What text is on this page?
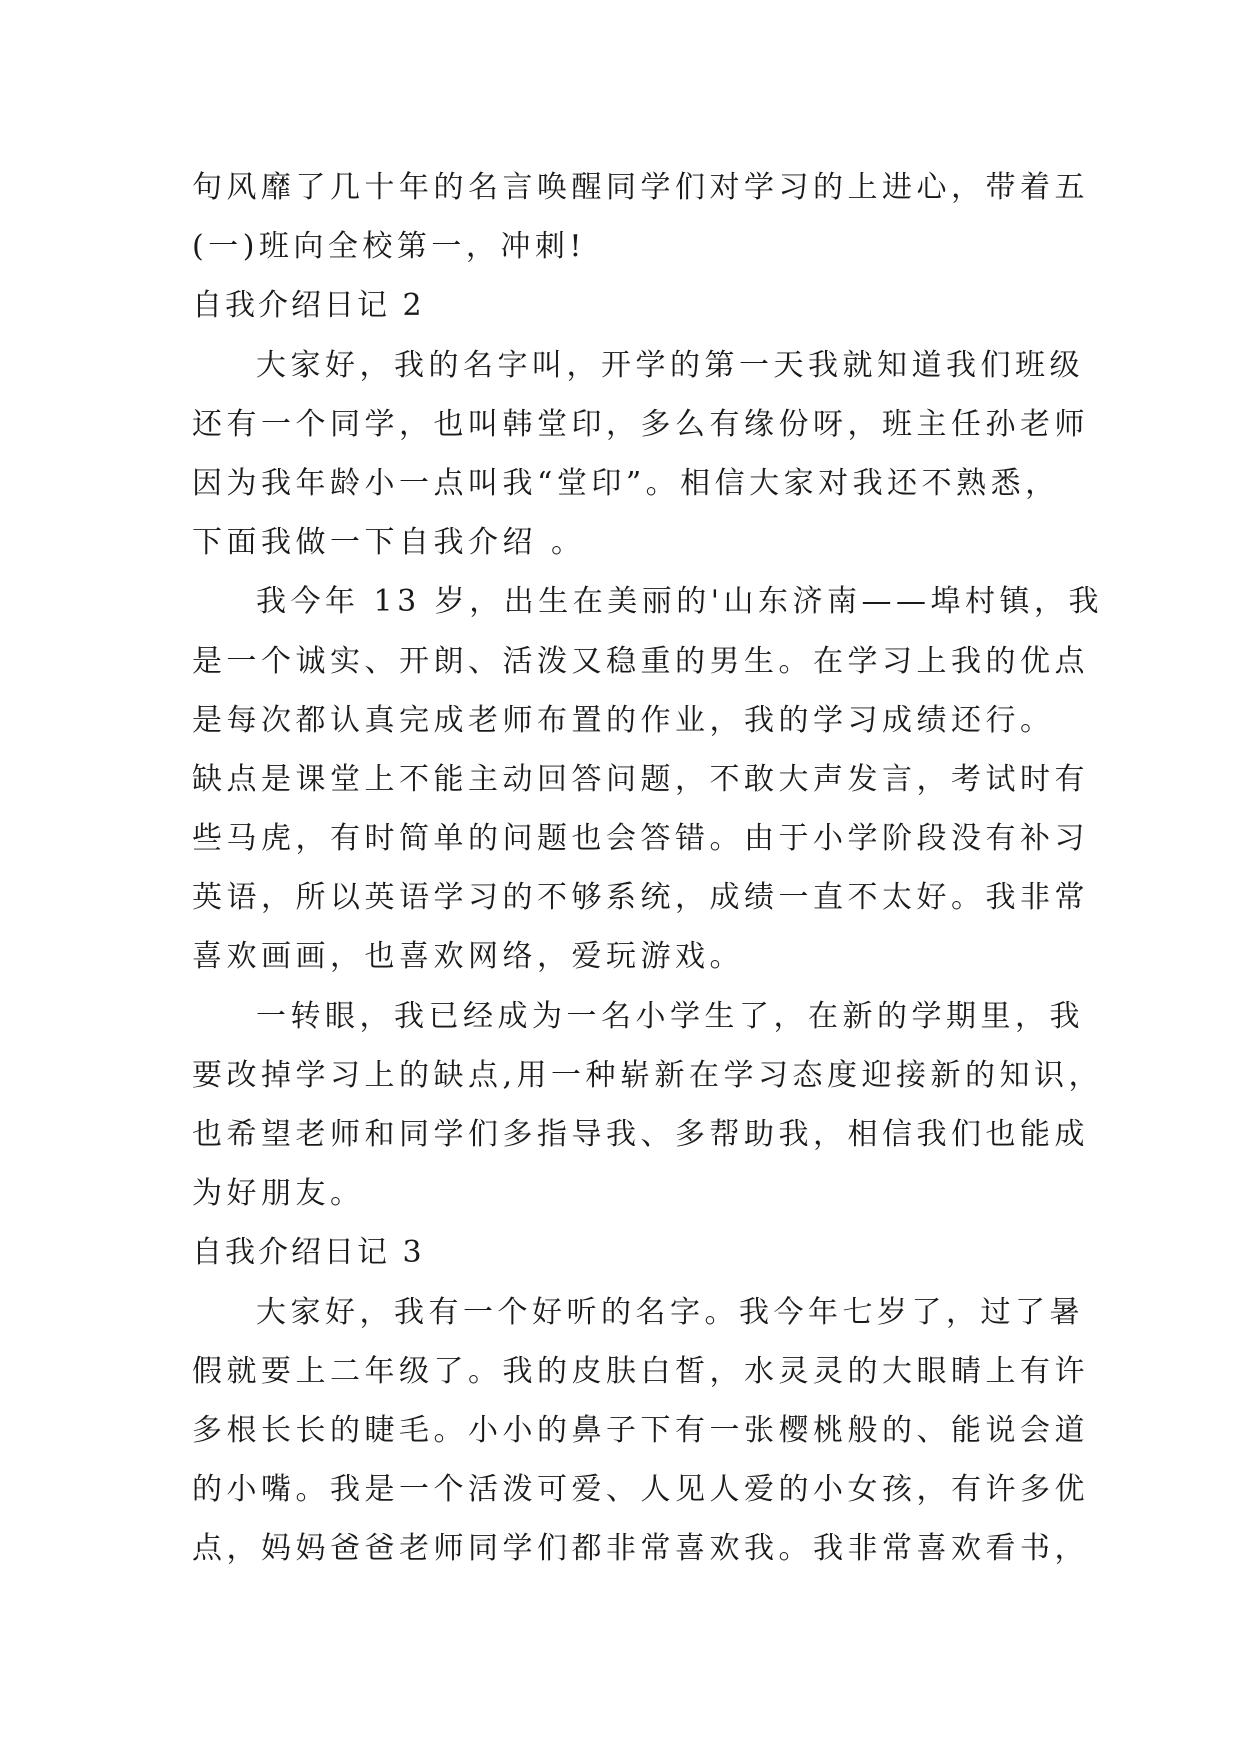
句风靡了几十年的名言唤醒同学们对学习的上进心，带着五
(一)班向全校第一，冲刺!
自我介绍日记 2
大家好，我的名字叫，开学的第一天我就知道我们班级
还有一个同学，也叫韩堂印，多么有缘份呀，班主任孙老师
因为我年龄小一点叫我“堂印”。相信大家对我还不熟悉，
下面我做一下自我介绍 。
我今年 13 岁，出生在美丽的'山东济南——埠村镇，我
是一个诚实、开朗、活泼又稳重的男生。在学习上我的优点
是每次都认真完成老师布置的作业，我的学习成绩还行。
缺点是课堂上不能主动回答问题，不敢大声发言，考试时有
些马虎，有时简单的问题也会答错。由于小学阶段没有补习
英语，所以英语学习的不够系统，成绩一直不太好。我非常
喜欢画画，也喜欢网络，爱玩游戏。
一转眼，我已经成为一名小学生了，在新的学期里，我
要改掉学习上的缺点,用一种崭新在学习态度迎接新的知识，
也希望老师和同学们多指导我、多帮助我，相信我们也能成
为好朋友。
自我介绍日记 3
大家好，我有一个好听的名字。我今年七岁了，过了暑
假就要上二年级了。我的皮肤白皙，水灵灵的大眼睛上有许
多根长长的睫毛。小小的鼻子下有一张樱桃般的、能说会道
的小嘴。我是一个活泼可爱、人见人爱的小女孩，有许多优
点，妈妈爸爸老师同学们都非常喜欢我。我非常喜欢看书，
